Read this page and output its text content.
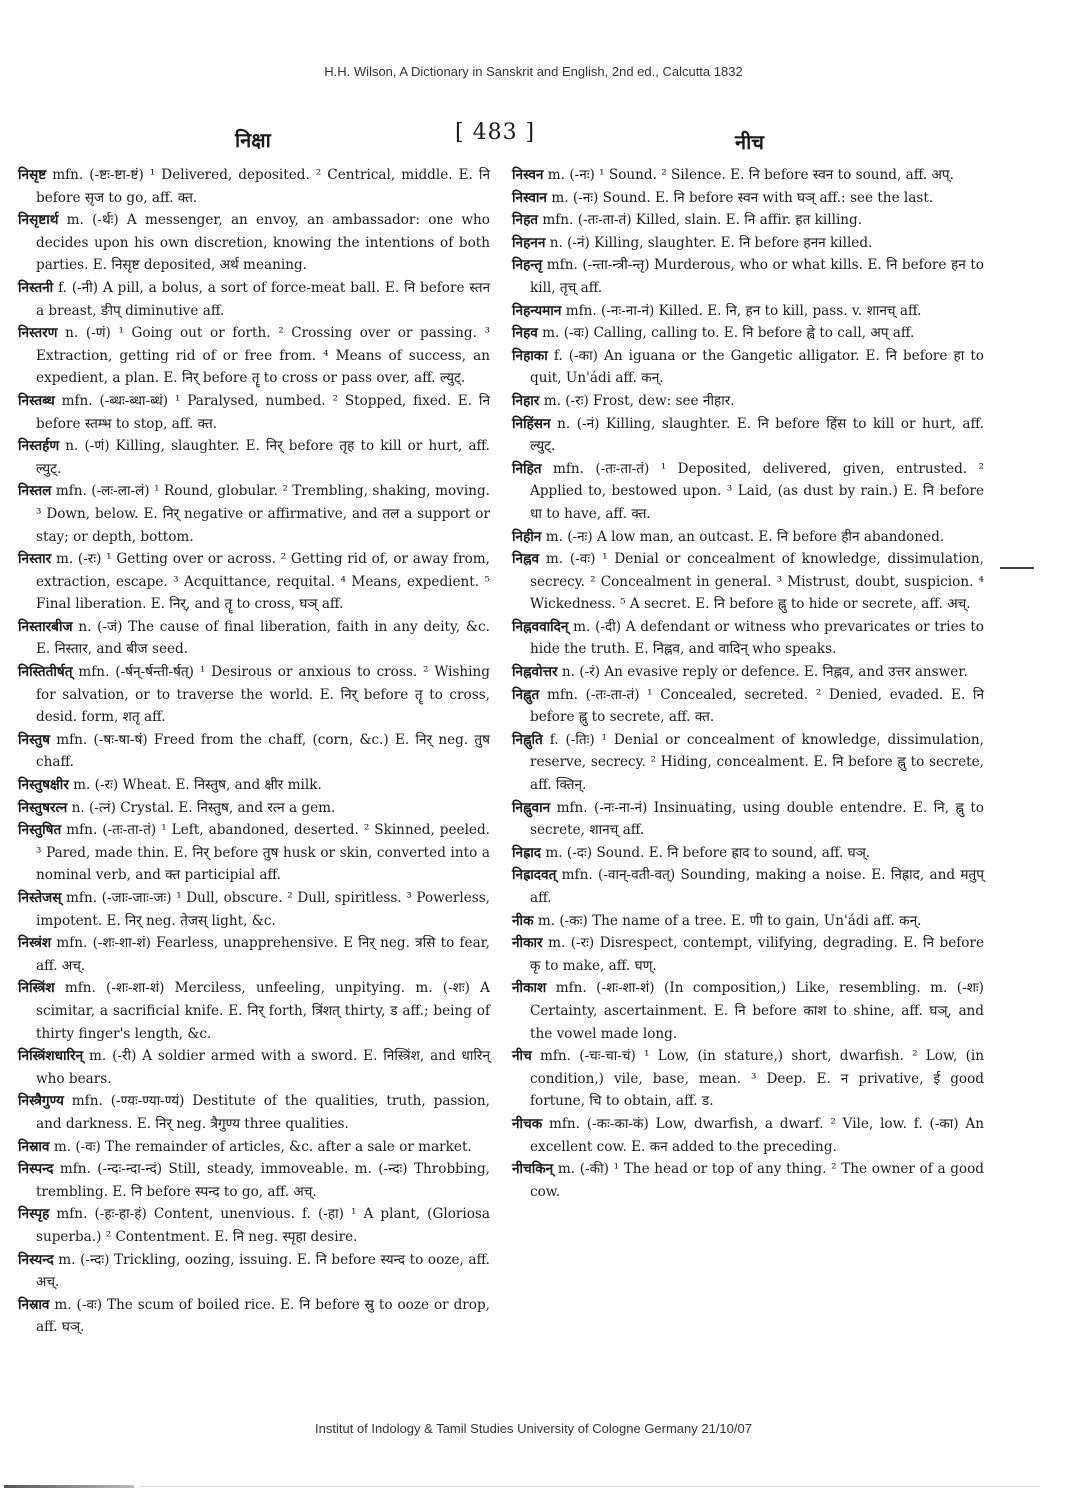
H.H. Wilson, A Dictionary in Sanskrit and English, 2nd ed., Calcutta 1832
निक्षा	[ 483 ]	नीच

निसृष्ट mfn. (-ष्टः-ष्टा-ष्टं) ¹ Delivered, deposited. ² Centrical, middle. E. नि before सृज to go, aff. क्त.

निसृष्टार्थ m. (-र्थः) A messenger, an envoy, an ambassador: one who decides upon his own discretion, knowing the intentions of both parties. E. निसृष्ट deposited, अर्थ meaning.

निस्तनी f. (-नी) A pill, a bolus, a sort of force-meat ball. E. नि before स्तन a breast, ङीप् diminutive aff.

निस्तरण n. (-णं) ¹ Going out or forth. ² Crossing over or passing. ³ Extraction, getting rid of or free from. ⁴ Means of success, an expedient, a plan. E. निर् before तॄ to cross or pass over, aff. ल्युट्.

निस्तब्ध mfn. (-ब्धः-ब्धा-ब्धं) ¹ Paralysed, numbed. ² Stopped, fixed. E. नि before स्तम्भ to stop, aff. क्त.

निस्तर्हण n. (-णं) Killing, slaughter. E. निर् before तृह to kill or hurt, aff. ल्युट्.

निस्तल mfn. (-लः-ला-लं) ¹ Round, globular. ² Trembling, shaking, moving. ³ Down, below. E. निर् negative or affirmative, and तल a support or stay; or depth, bottom.

निस्तार m. (-रः) ¹ Getting over or across. ² Getting rid of, or away from, extraction, escape. ³ Acquittance, requital. ⁴ Means, expedient. ⁵ Final liberation. E. निर्, and तॄ to cross, घञ् aff.

निस्तारबीज n. (-जं) The cause of final liberation, faith in any deity, &c. E. निस्तार, and बीज seed.

निस्तितीर्षत् mfn. (-र्षन्-र्षन्ती-र्षत्) ¹ Desirous or anxious to cross. ² Wishing for salvation, or to traverse the world. E. निर् before तॄ to cross, desid. form, शतृ aff.

निस्तुष mfn. (-षः-षा-षं) Freed from the chaff, (corn, &c.) E. निर् neg. तुष chaff.

निस्तुषक्षीर m. (-रः) Wheat. E. निस्तुष, and क्षीर milk.

निस्तुषरत्न n. (-त्नं) Crystal. E. निस्तुष, and रत्न a gem.

निस्तुषित mfn. (-तः-ता-तं) ¹ Left, abandoned, deserted. ² Skinned, peeled. ³ Pared, made thin. E. निर् before तुष husk or skin, converted into a nominal verb, and क्त participial aff.

निस्तेजस् mfn. (-जाः-जाः-जः) ¹ Dull, obscure. ² Dull, spiritless. ³ Powerless, impotent. E. निर् neg. तेजस् light, &c.

निस्त्रंश mfn. (-शः-शा-शं) Fearless, unapprehensive. E निर् neg. त्रसि to fear, aff. अच्.

निस्त्रिंश mfn. (-शः-शा-शं) Merciless, unfeeling, unpitying. m. (-शः) A scimitar, a sacrificial knife. E. निर् forth, त्रिंशत् thirty, ड aff.; being of thirty finger's length, &c.

निस्त्रिंशधारिन् m. (-री) A soldier armed with a sword. E. निस्त्रिंश, and धारिन् who bears.

निस्त्रैगुण्य mfn. (-ण्यः-ण्या-ण्यं) Destitute of the qualities, truth, passion, and darkness. E. निर् neg. त्रैगुण्य three qualities.

निस्राव m. (-वः) The remainder of articles, &c. after a sale or market.

निस्पन्द mfn. (-न्दः-न्दा-न्दं) Still, steady, immoveable. m. (-न्दः) Throbbing, trembling. E. नि before स्पन्द to go, aff. अच्.

निस्पृह mfn. (-हः-हा-हं) Content, unenvious. f. (-हा) ¹ A plant, (Gloriosa superba.) ² Contentment. E. नि neg. स्पृहा desire.

निस्यन्द m. (-न्दः) Trickling, oozing, issuing. E. नि before स्यन्द to ooze, aff. अच्.

निस्राव m. (-वः) The scum of boiled rice. E. नि before स्रु to ooze or drop, aff. घञ्.

निस्वन m. (-नः) ¹ Sound. ² Silence. E. नि before स्वन to sound, aff. अप्.

निस्वान m. (-नः) Sound. E. नि before स्वन with घञ् aff.: see the last.

निहत mfn. (-तः-ता-तं) Killed, slain. E. नि affir. हत killing.

निहनन n. (-नं) Killing, slaughter. E. नि before हनन killed.

निहन्तृ mfn. (-न्ता-न्त्री-न्तृ) Murderous, who or what kills. E. नि before हन to kill, तृच् aff.

निहन्यमान mfn. (-नः-ना-नं) Killed. E. नि, हन to kill, pass. v. शानच् aff.

निहव m. (-वः) Calling, calling to. E. नि before ह्वे to call, अप् aff.

निहाका f. (-का) An iguana or the Gangetic alligator. E. नि before हा to quit, Un'ádi aff. कन्.

निहार m. (-रः) Frost, dew: see नीहार.

निहिंसन n. (-नं) Killing, slaughter. E. नि before हिंस to kill or hurt, aff. ल्युट्.

निहित mfn. (-तः-ता-तं) ¹ Deposited, delivered, given, entrusted. ² Applied to, bestowed upon. ³ Laid, (as dust by rain.) E. नि before धा to have, aff. क्त.

निहीन m. (-नः) A low man, an outcast. E. नि before हीन abandoned.

निह्नव m. (-वः) ¹ Denial or concealment of knowledge, dissimulation, secrecy. ² Concealment in general. ³ Mistrust, doubt, suspicion. ⁴ Wickedness. ⁵ A secret. E. नि before ह्नु to hide or secrete, aff. अच्.

निह्नववादिन् m. (-दी) A defendant or witness who prevaricates or tries to hide the truth. E. निह्नव, and वादिन् who speaks.

निह्नवोत्तर n. (-रं) An evasive reply or defence. E. निह्नव, and उत्तर answer.

निह्नुत mfn. (-तः-ता-तं) ¹ Concealed, secreted. ² Denied, evaded. E. नि before ह्नु to secrete, aff. क्त.

निह्नुति f. (-तिः) ¹ Denial or concealment of knowledge, dissimulation, reserve, secrecy. ² Hiding, concealment. E. नि before ह्नु to secrete, aff. क्तिन्.

निह्नुवान mfn. (-नः-ना-नं) Insinuating, using double entendre. E. नि, ह्नु to secrete, शानच् aff.

निह्राद m. (-दः) Sound. E. नि before ह्राद to sound, aff. घञ्.

निह्रादवत् mfn. (-वान्-वती-वत्) Sounding, making a noise. E. निह्राद, and मतुप् aff.

नीक m. (-कः) The name of a tree. E. णी to gain, Un'ádi aff. कन्.

नीकार m. (-रः) Disrespect, contempt, vilifying, degrading. E. नि before कृ to make, aff. घण्.

नीकाश mfn. (-शः-शा-शं) (In composition,) Like, resembling. m. (-शः) Certainty, ascertainment. E. नि before काश to shine, aff. घञ्, and the vowel made long.

नीच mfn. (-चः-चा-चं) ¹ Low, (in stature,) short, dwarfish. ² Low, (in condition,) vile, base, mean. ³ Deep. E. न privative, ई good fortune, चि to obtain, aff. ड.

नीचक mfn. (-कः-का-कं) Low, dwarfish, a dwarf. ² Vile, low. f. (-का) An excellent cow. E. कन added to the preceding.

नीचकिन् m. (-की) ¹ The head or top of any thing. ² The owner of a good cow.

Institut of Indology & Tamil Studies University of Cologne Germany 21/10/07
